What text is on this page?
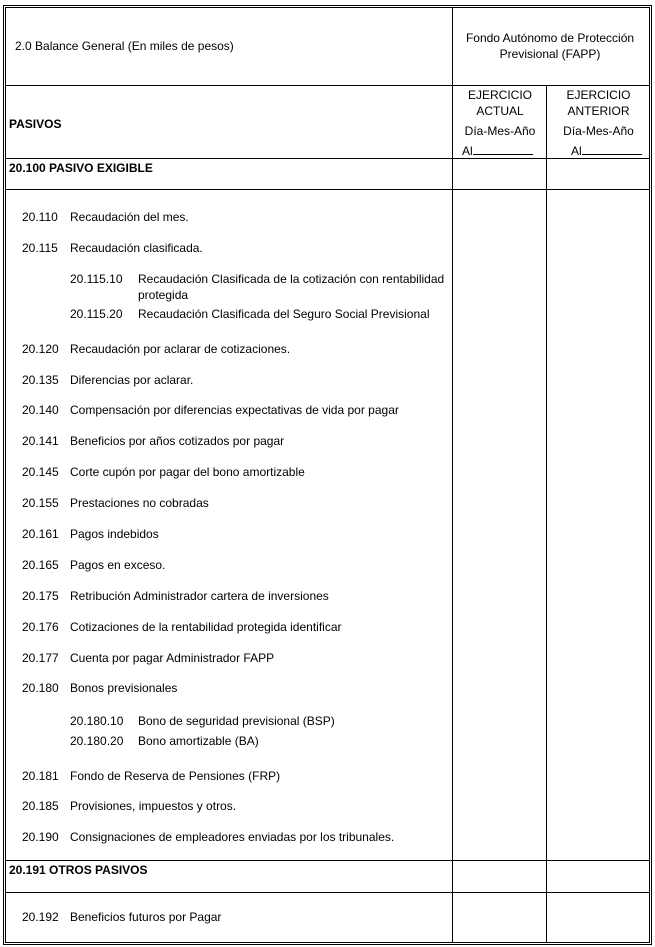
2.0 Balance General (En miles de pesos)
Fondo Autónomo de Protección
Previsional (FAPP)
PASIVOS
EJERCICIO
ACTUAL
Día-Mes-Año
Al
EJERCICIO
ANTERIOR
Día-Mes-Año
Al
20.100 PASIVO EXIGIBLE
20.110 Recaudación del mes.
20.115 Recaudación clasificada.
20.115.10 Recaudación Clasificada de la cotización con rentabilidad
protegida
20.115.20 Recaudación Clasificada del Seguro Social Previsional
20.120 Recaudación por aclarar de cotizaciones.
20.135 Diferencias por aclarar.
20.140 Compensación por diferencias expectativas de vida por pagar
20.141 Beneficios por años cotizados por pagar
20.145 Corte cupón por pagar del bono amortizable
20.155 Prestaciones no cobradas
20.161 Pagos indebidos
20.165 Pagos en exceso.
20.175 Retribución Administrador cartera de inversiones
20.176 Cotizaciones de la rentabilidad protegida identificar
20.177 Cuenta por pagar Administrador FAPP
20.180 Bonos previsionales
20.180.10 Bono de seguridad previsional (BSP)
20.180.20 Bono amortizable (BA)
20.181 Fondo de Reserva de Pensiones (FRP)
20.185 Provisiones, impuestos y otros.
20.190 Consignaciones de empleadores enviadas por los tribunales.
20.191 OTROS PASIVOS
20.192 Beneficios futuros por Pagar
